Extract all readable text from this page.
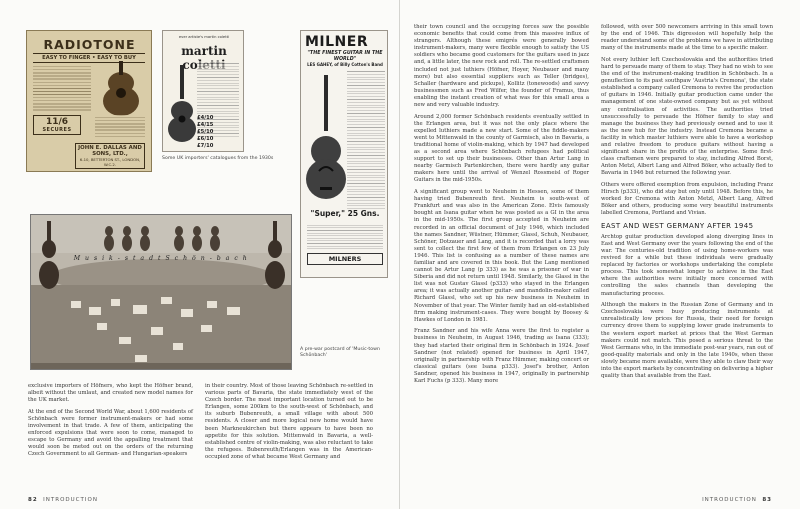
RADIOTONE
EASY TO FINGER • EASY TO BUY
11/6
SECURES
JOHN E. DALLAS AND SONS, LTD.,
6-10, BETTERTON ST., LONDON, W.C.2.
ever artiste's martin coletti
martin
£4/10
£4/15
£5/10
£6/10
£7/10
Some UK importers' catalogues from the 1930s
MILNER
"THE FINEST GUITAR IN THE WORLD"
LES GAHEY, of Billy Cotton's Band
"Super," 25 Gns.
MILNERS
M u s i k - s t a d t S c h ö n - b a c h
A pre-war postcard of 'Music-town Schönbach'

exclusive importers of Höfners, who kept the Höfner brand, albeit without the umlaut, and created new model names for the UK market.

At the end of the Second World War, about 1,600 residents of Schönbach were former instrument-makers or had some involvement in that trade. A few of them, anticipating the enforced expulsions that were soon to come, managed to escape to Germany and avoid the appalling treatment that would soon be meted out on the orders of the returning Czech Government to all German- and Hungarian-speakers

in their country. Most of those leaving Schönbach re-settled in various parts of Bavaria, the state immediately west of the Czech border. The most important location turned out to be Erlangen, some 200km to the south-west of Schönbach, and its suburb Bubenreuth, a small village with about 500 residents. A closer and more logical new home would have been Markneukirchen but there appears to have been no appetite for this solution. Mittenwald in Bavaria, a well-established centre of violin-making, was also reluctant to take the refugees. Bubenreuth/Erlangen was in the American-occupied zone of what became West Germany and

82 INTRODUCTION

their town council and the occupying forces saw the possible economic benefits that could come from this massive influx of strangers. Although these emigrés were generally bowed instrument-makers, many were flexible enough to satisfy the US soldiers who became good customers for the guitars used in jazz and, a little later, the new rock and roll. The re-settled craftsmen included not just luthiers (Höfner, Hoyer, Neubauer and many more) but also essential suppliers such as Teller (bridges), Schaller (hardware and pickups), Kollitz (tonewoods) and savvy businessmen such as Fred Wilfer, the founder of Framus, thus enabling the instant creation of what was for this small area a new and very valuable industry.

Around 2,000 former Schönbach residents eventually settled in the Erlangen area, but it was not the only place where the expelled luthiers made a new start. Some of the fiddle-makers went to Mittenwald in the county of Garmisch, also in Bavaria, a traditional home of violin-making, which by 1947 had developed as a second area where Schönbach refugees had political support to set up their businesses. Other than Artur Lang in nearby Garmisch Partenkirchen, there were hardly any guitar makers here until the arrival of Wenzel Rossmeisl of Roger Guitars in the mid-1950s.

A significant group went to Neuheim in Hessen, some of them having tried Bubenreuth first. Neuheim is south-west of Frankfurt and was also in the American Zone. Elvis famously bought an Isana guitar when he was posted as a GI in the area in the mid-1950s. The first group accepted in Neuheim are recorded in an official document of July 1946, which included the names Sandner, Wüstner, Hümmer, Glassl, Schuh, Neubauer, Schöner, Dotzauer and Lang, and it is recorded that a lorry was sent to collect the first few of them from Erlangen on 23 July 1946. This list is confusing as a number of these names are familiar and are covered in this book. But the Lang mentioned cannot be Artur Lang (p 333) as he was a prisoner of war in Siberia and did not return until 1948. Similarly, the Glassl in the list was not Gustav Glassl (p333) who stayed in the Erlangen area; it was actually another guitar- and mandolin-maker called Richard Glassl, who set up his new business in Neuheim in November of that year. The Winter family had an old-established firm making instrument-cases. They were bought by Boosey & Hawkes of London in 1981.

Franz Sandner and his wife Anna were the first to register a business in Neuheim, in August 1946, trading as Isana (333); they had started their original firm in Schönbach in 1924. Josef Sandner (not related) opened for business in April 1947, originally in partnership with Franz Hümmer, making concert or classical guitars (see Isana p333). Josef's brother, Anton Sandner, opened his business in 1947, originally in partnership Karl Fuchs (p 333). Many more

followed, with over 500 newcomers arriving in this small town by the end of 1946. This digression will hopefully help the reader understand some of the problems we have in attributing many of the instruments made at the time to a specific maker.

Not every luthier left Czechoslovakia and the authorities tried hard to persuade many of them to stay. They had no wish to see the end of the instrument-making tradition in Schönbach. In a genuflection to its past southpaw 'Austria's Cremona', the state established a company called Cremona to revive the production of guitars in 1946. Initially guitar production came under the management of one state-owned company but as yet without any centralisation of activities. The authorities tried unsuccessfully to persuade the Höfner family to stay and manage the business they had previously owned and to use it as the new hub for the industry. Instead Cremona became a facility in which master luthiers were able to have a workshop and relative freedom to produce guitars without having a significant share in the profits of the enterprise. Some first-class craftsmen were prepared to stay, including Alfred Borst, Anton Metzl, Albert Lang and Alfred Böker, who actually fled to Bavaria in 1946 but returned the following year.

Others were offered exemption from expulsion, including Franz Hirsch (p333), who did stay but only until 1948. Before this, he worked for Cremona with Anton Metzl, Albert Lang, Alfred Böker and others, producing some very beautiful instruments labelled Cremona, Portland and Vivian.

EAST AND WEST GERMANY AFTER 1945

Archtop guitar production developed along diverging lines in East and West Germany over the years following the end of the war. The centuries-old tradition of using home-workers was revived for a while but these individuals were gradually replaced by factories or workshops undertaking the complete process. This took somewhat longer to achieve in the East where the authorities were initially more concerned with controlling the sales channels than developing the manufacturing process.

Although the makers in the Russian Zone of Germany and in Czechoslovakia were busy producing instruments at unrealistically low prices for Russia, their need for foreign currency drove them to supplying lower grade instruments to the western export market at prices that the West German makers could not match. This posed a serious threat to the West Germans who, in the immediate post-war years, ran out of good-quality materials and only in the late 1940s, when these slowly became more available, were they able to claw their way into the export markets by concentrating on delivering a higher quality than that available from the East.

INTRODUCTION 83
